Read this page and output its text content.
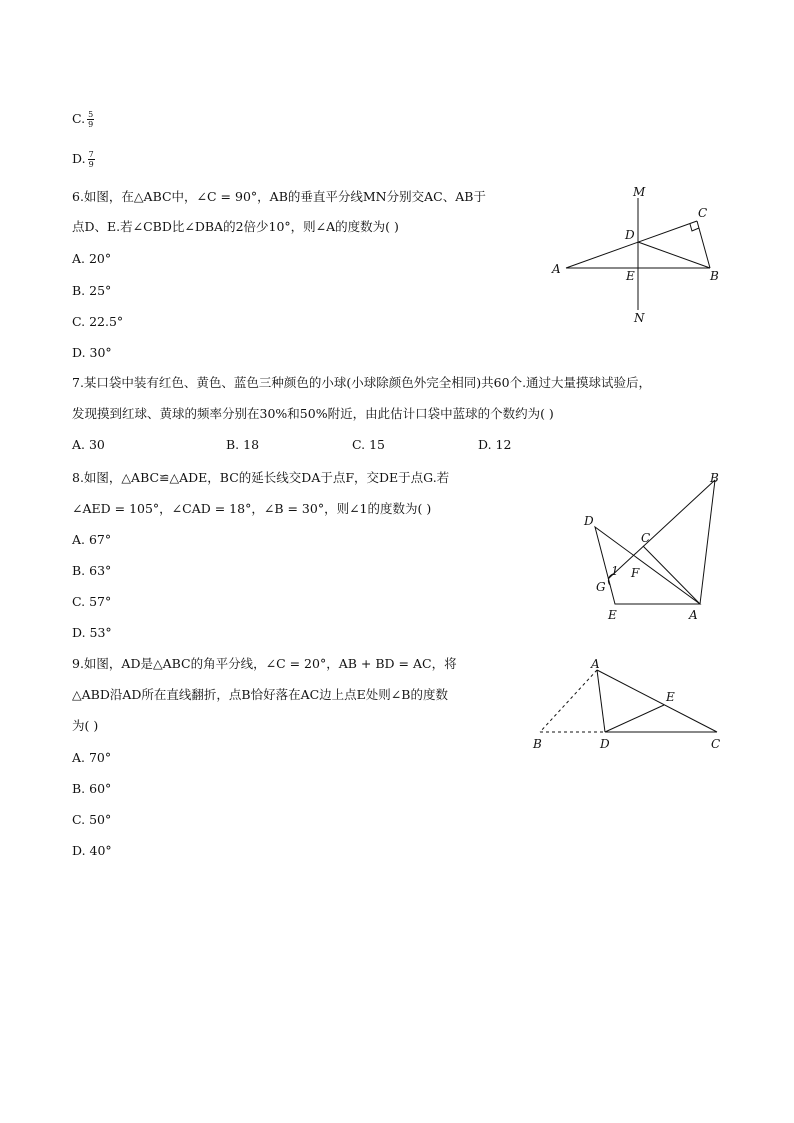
C. $\frac{5}{9}$
D. $\frac{7}{9}$
6.如图，在△ABC中，∠C = 90°，AB的垂直平分线MN分别交AC、AB于
点D、E.若∠CBD比∠DBA的2倍少10°，则∠A的度数为( )
A. 20°
B. 25°
C. 22.5°
D. 30°
M
C
D
A	E	B
N
7.某口袋中装有红色、黄色、蓝色三种颜色的小球(小球除颜色外完全相同)共60个.通过大量摸球试验后，
发现摸到红球、黄球的频率分别在30%和50%附近，由此估计口袋中蓝球的个数约为( )
A. 30	B. 18	C. 15	D. 12
8.如图，△ABC≌△ADE，BC的延长线交DA于点F，交DE于点G.若
∠AED = 105°，∠CAD = 18°，∠B = 30°，则∠1的度数为( )
A. 67°
B. 63°
C. 57°
D. 53°
B
D
C
1 F
G
E	A
9.如图，AD是△ABC的角平分线，∠C = 20°，AB + BD = AC，将
△ABD沿AD所在直线翻折，点B恰好落在AC边上点E处则∠B的度数
为( )
A. 70°
B. 60°
C. 50°
D. 40°
A
E
B	D	C
